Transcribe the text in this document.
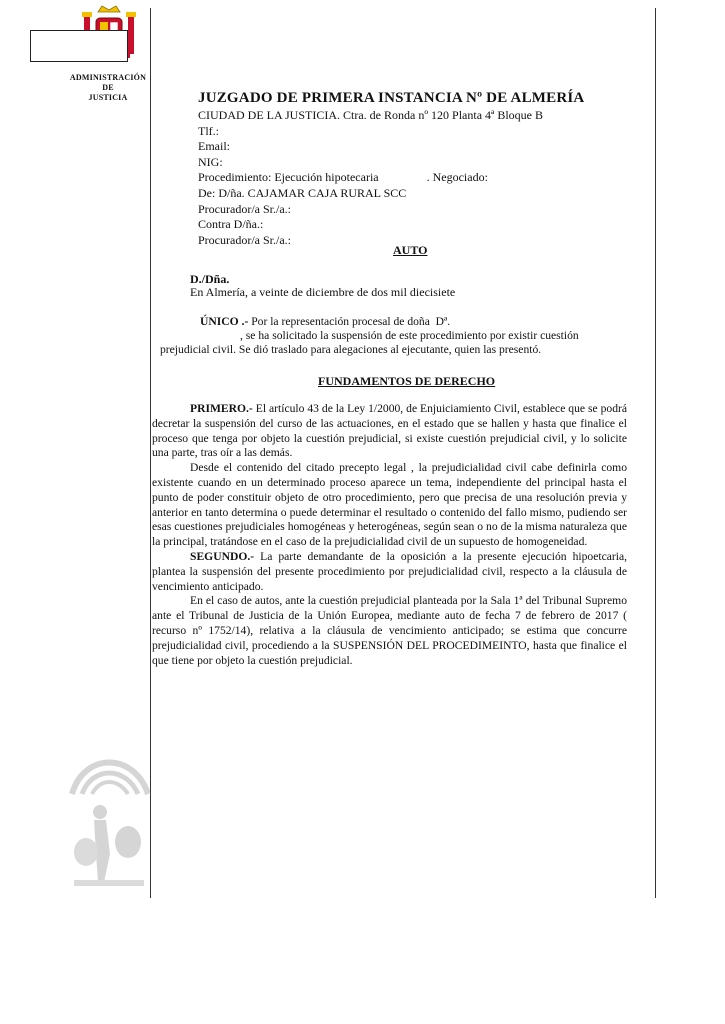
ADMINISTRACIÓN
DE
JUSTICIA	JUZGADO DE PRIMERA INSTANCIA Nº DE ALMERÍA
CIUDAD DE LA JUSTICIA. Ctra. de Ronda nº 120 Planta 4ª Bloque B
Tlf.:
Email:
NIG:
Procedimiento: Ejecución hipotecaria	. Negociado:
De: D/ña. CAJAMAR CAJA RURAL SCC
Procurador/a Sr./a.:
Contra D/ña.:
Procurador/a Sr./a.:
AUTO
D./Dña.
En Almería, a veinte de diciembre de dos mil diecisiete
ÚNICO .- Por la representación procesal de doña  Dª.
, se ha solicitado la suspensión de este procedimiento por existir cuestión
prejudicial civil. Se dió traslado para alegaciones al ejecutante, quien las presentó.
FUNDAMENTOS DE DERECHO

PRIMERO.- El artículo 43 de la Ley 1/2000, de Enjuiciamiento Civil, establece que se podrá decretar la suspensión del curso de las actuaciones, en el estado que se hallen y hasta que finalice el proceso que tenga por objeto la cuestión prejudicial, si existe cuestión prejudicial civil, y lo solicite una parte, tras oír a las demás.

Desde el contenido del citado precepto legal , la prejudicialidad civil cabe definirla como existente cuando en un determinado proceso aparece un tema, independiente del principal hasta el punto de poder constituir objeto de otro procedimiento, pero que precisa de una resolución previa y anterior en tanto determina o puede determinar el resultado o contenido del fallo mismo, pudiendo ser esas cuestiones prejudiciales homogéneas y heterogéneas, según sean o no de la misma naturaleza que la principal, tratándose en el caso de la prejudicialidad civil de un supuesto de homogeneidad.

SEGUNDO.- La parte demandante de la oposición a la presente ejecución hipoetcaria, plantea la suspensión del presente procedimiento por prejudicialidad civil, respecto a la cláusula de vencimiento anticipado.

En el caso de autos, ante la cuestión prejudicial planteada por la Sala 1ª del Tribunal Supremo ante el Tribunal de Justicia de la Unión Europea, mediante auto de fecha 7 de febrero de 2017 ( recurso nº 1752/14), relativa a la cláusula de vencimiento anticipado; se estima que concurre prejudicialidad civil, procediendo a la SUSPENSIÓN DEL PROCEDIMEINTO, hasta que finalice el que tiene por objeto la cuestión prejudicial.
